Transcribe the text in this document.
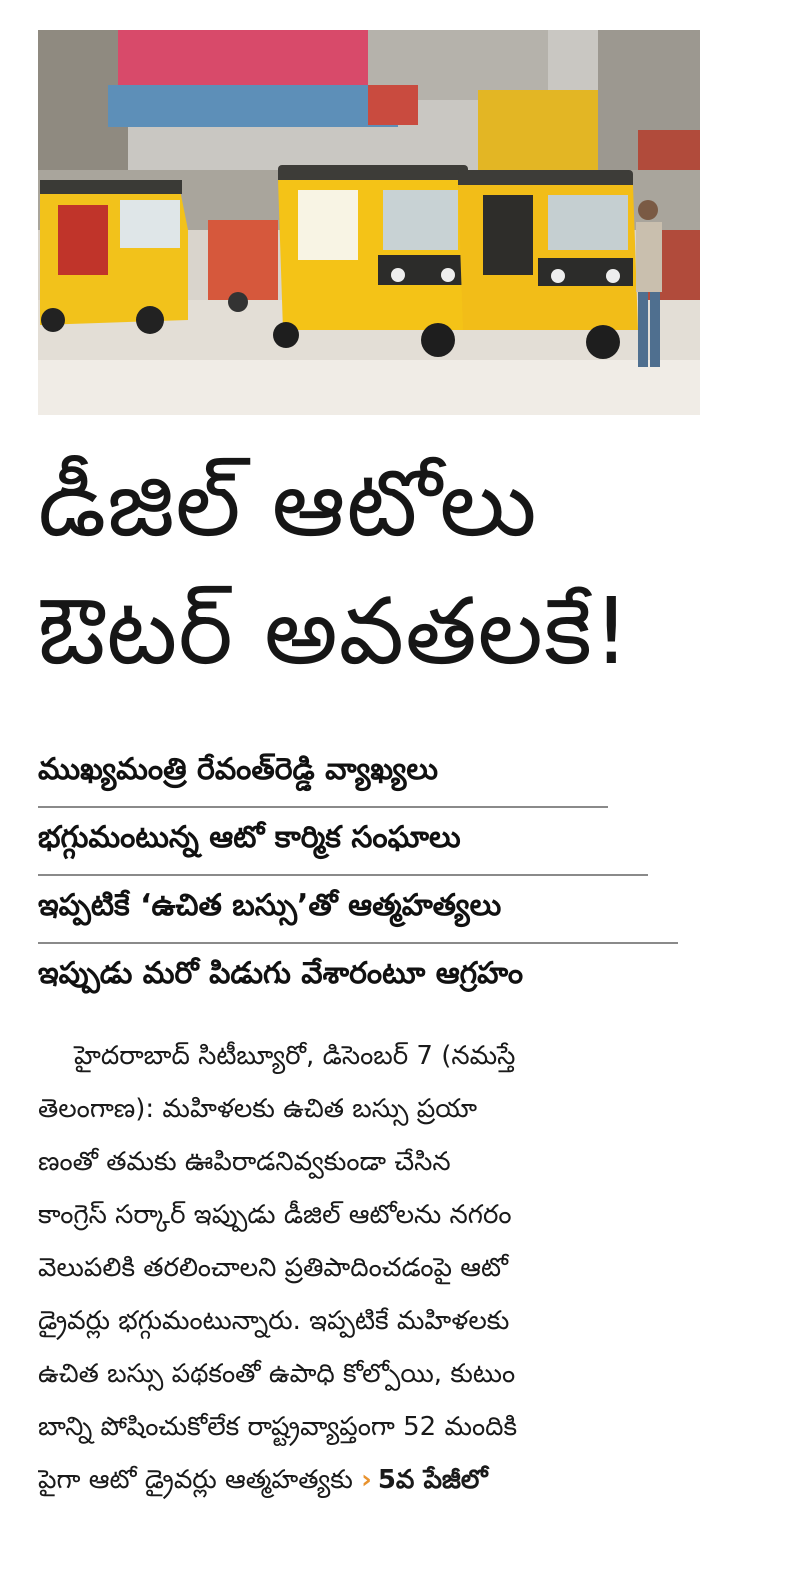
డీజిల్ ఆటోలు
ఔటర్ అవతలకే!
ముఖ్యమంత్రి రేవంత్‌రెడ్డి వ్యాఖ్యలు
భగ్గుమంటున్న ఆటో కార్మిక సంఘాలు
ఇప్పటికే ‘ఉచిత బస్సు’తో ఆత్మహత్యలు
ఇప్పుడు మరో పిడుగు వేశారంటూ ఆగ్రహం
హైదరాబాద్ సిటీబ్యూరో, డిసెంబర్ 7 (నమస్తే
తెలంగాణ): మహిళలకు ఉచిత బస్సు ప్రయా
ణంతో తమకు ఊపిరాడనివ్వకుండా చేసిన
కాంగ్రెస్ సర్కార్ ఇప్పుడు డీజిల్ ఆటోలను నగరం
వెలుపలికి తరలించాలని ప్రతిపాదించడంపై ఆటో
డ్రైవర్లు భగ్గుమంటున్నారు. ఇప్పటికే మహిళలకు
ఉచిత బస్సు పథకంతో ఉపాధి కోల్పోయి, కుటుం
బాన్ని పోషించుకోలేక రాష్ట్రవ్యాప్తంగా 52 మందికి
పైగా ఆటో డ్రైవర్లు ఆత్మహత్యకు › 5వ పేజీలో
